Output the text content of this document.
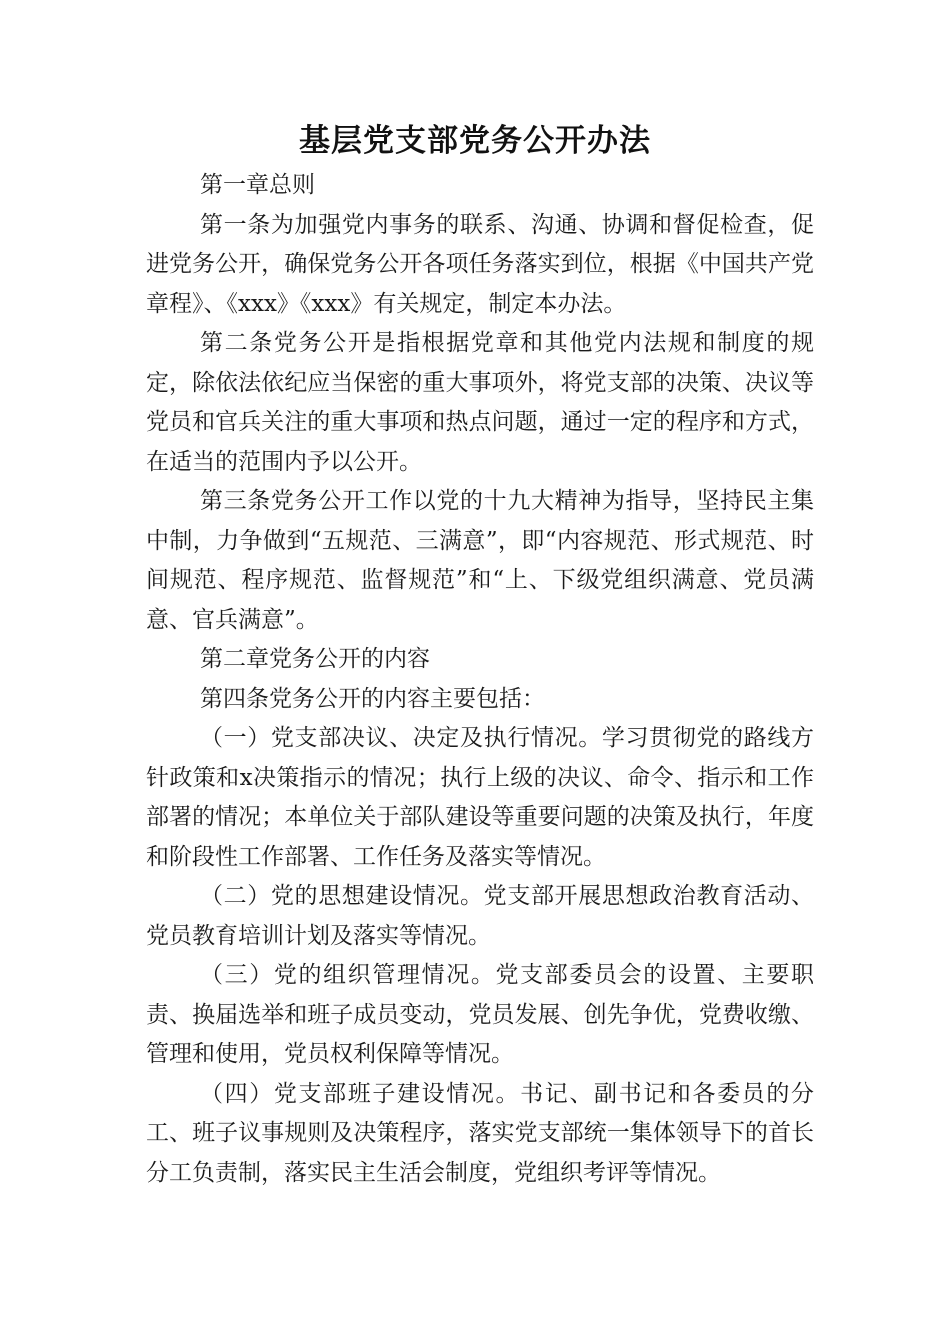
基层党支部党务公开办法

第一章总则

第一条为加强党内事务的联系、沟通、协调和督促检查，促进党务公开，确保党务公开各项任务落实到位，根据《中国共产党章程》、《xxx》《xxx》有关规定，制定本办法。

第二条党务公开是指根据党章和其他党内法规和制度的规定，除依法依纪应当保密的重大事项外，将党支部的决策、决议等党员和官兵关注的重大事项和热点问题，通过一定的程序和方式，在适当的范围内予以公开。

第三条党务公开工作以党的十九大精神为指导，坚持民主集中制，力争做到“五规范、三满意”，即“内容规范、形式规范、时间规范、程序规范、监督规范”和“上、下级党组织满意、党员满意、官兵满意”。

第二章党务公开的内容

第四条党务公开的内容主要包括：

（一）党支部决议、决定及执行情况。学习贯彻党的路线方针政策和x决策指示的情况；执行上级的决议、命令、指示和工作部署的情况；本单位关于部队建设等重要问题的决策及执行，年度和阶段性工作部署、工作任务及落实等情况。

（二）党的思想建设情况。党支部开展思想政治教育活动、党员教育培训计划及落实等情况。

（三）党的组织管理情况。党支部委员会的设置、主要职责、换届选举和班子成员变动，党员发展、创先争优，党费收缴、管理和使用，党员权利保障等情况。

（四）党支部班子建设情况。书记、副书记和各委员的分工、班子议事规则及决策程序，落实党支部统一集体领导下的首长分工负责制，落实民主生活会制度，党组织考评等情况。
